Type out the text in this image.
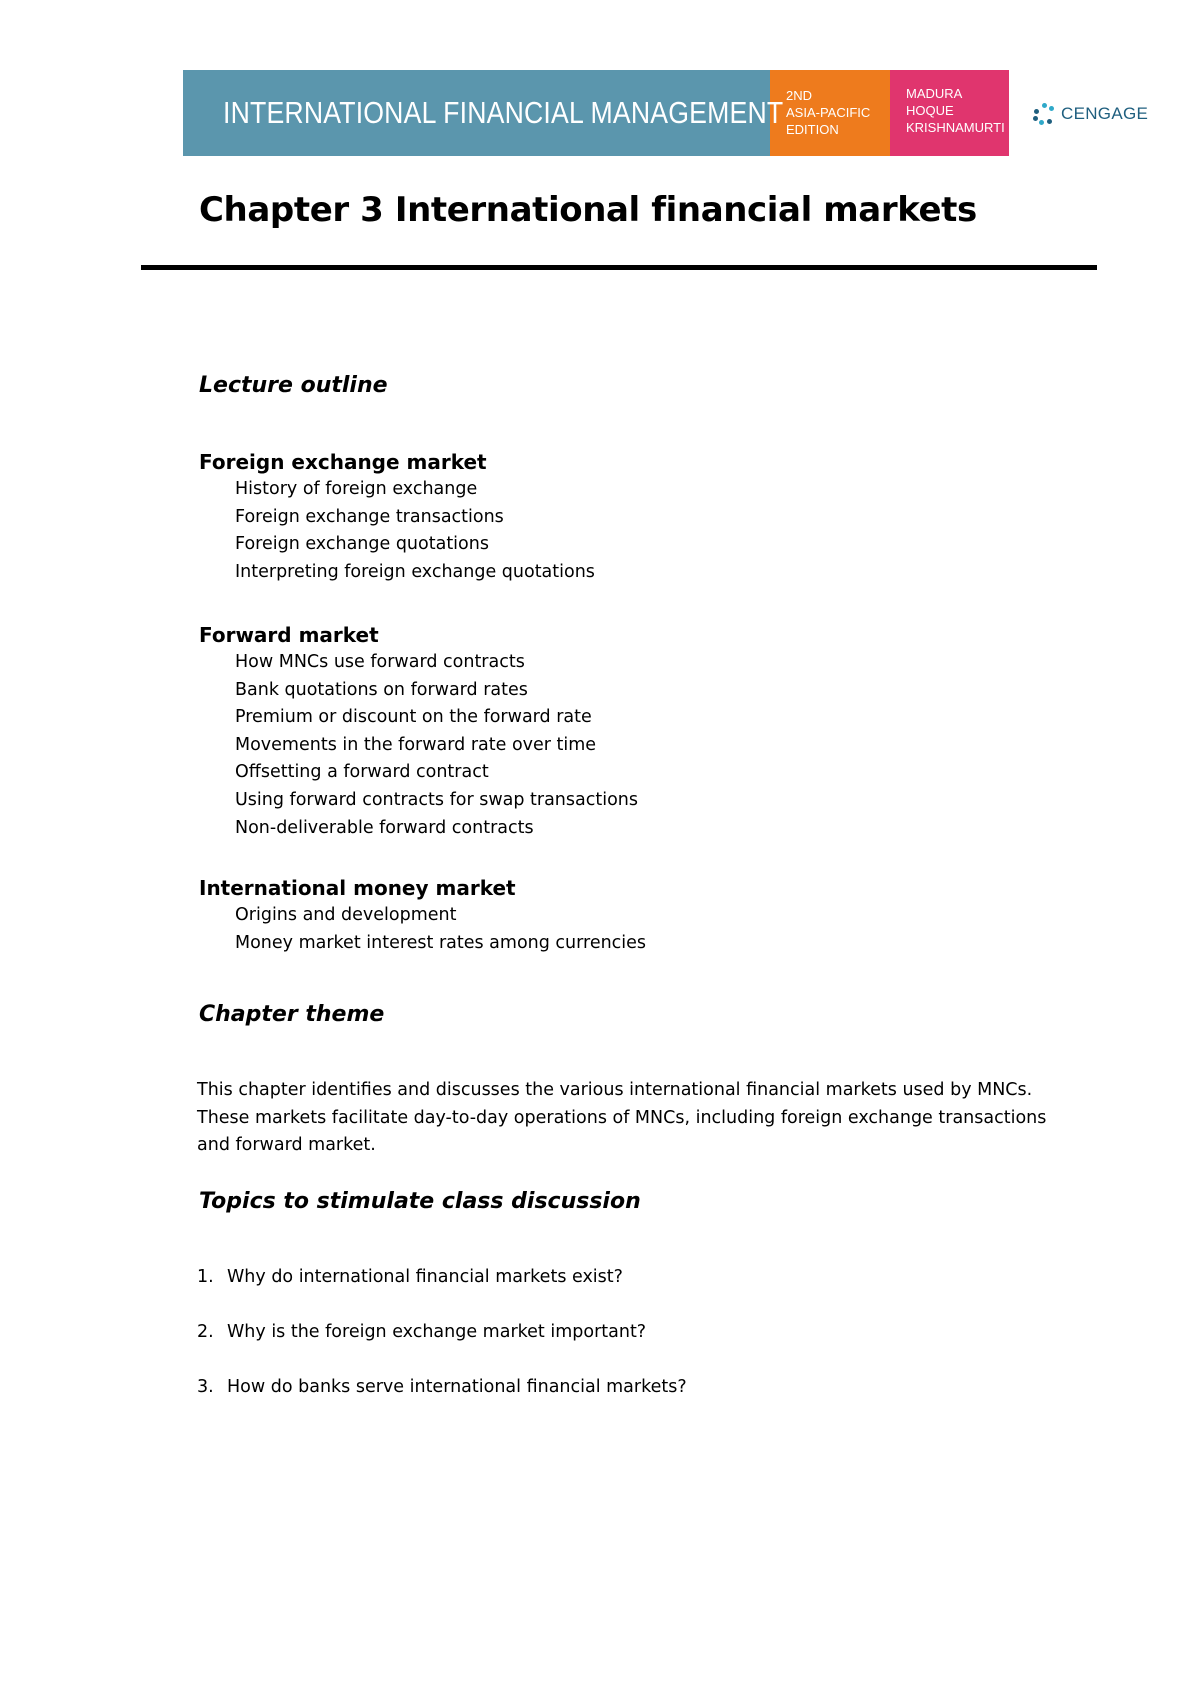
INTERNATIONAL FINANCIAL MANAGEMENT 2ND
ASIA-PACIFIC
EDITION
MADURA
HOQUE
KRISHNAMURTI
CENGAGE
Chapter 3 International financial markets
Lecture outline
Foreign exchange market
History of foreign exchange
Foreign exchange transactions
Foreign exchange quotations
Interpreting foreign exchange quotations
Forward market
How MNCs use forward contracts
Bank quotations on forward rates
Premium or discount on the forward rate
Movements in the forward rate over time
Offsetting a forward contract
Using forward contracts for swap transactions
Non-deliverable forward contracts
International money market
Origins and development
Money market interest rates among currencies
Chapter theme

This chapter identifies and discusses the various international financial markets used by MNCs. These markets facilitate day-to-day operations of MNCs, including foreign exchange transactions and forward market.

Topics to stimulate class discussion
1. Why do international financial markets exist?
2. Why is the foreign exchange market important?
3. How do banks serve international financial markets?
